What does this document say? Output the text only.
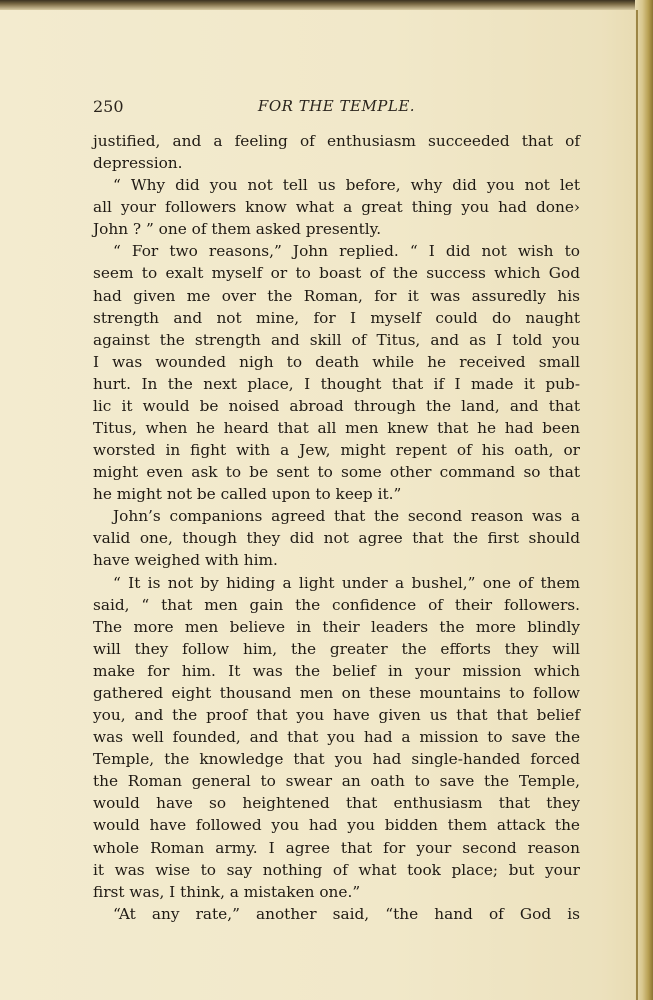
250	FOR THE TEMPLE.
justified, and a feeling of enthusiasm succeeded that of
depression.
“ Why did you not tell us before, why did you not let
all your followers know what a great thing you had done›
John ? ” one of them asked presently.
“ For two reasons,” John replied. “ I did not wish to
seem to exalt myself or to boast of the success which God
had given me over the Roman, for it was assuredly his
strength and not mine, for I myself could do naught
against the strength and skill of Titus, and as I told you
I was wounded nigh to death while he received small
hurt. In the next place, I thought that if I made it pub-
lic it would be noised abroad through the land, and that
Titus, when he heard that all men knew that he had been
worsted in fight with a Jew, might repent of his oath, or
might even ask to be sent to some other command so that
he might not be called upon to keep it.”
John’s companions agreed that the second reason was a
valid one, though they did not agree that the first should
have weighed with him.
“ It is not by hiding a light under a bushel,” one of them
said, “ that men gain the confidence of their followers.
The more men believe in their leaders the more blindly
will they follow him, the greater the efforts they will
make for him. It was the belief in your mission which
gathered eight thousand men on these mountains to follow
you, and the proof that you have given us that that belief
was well founded, and that you had a mission to save the
Temple, the knowledge that you had single-handed forced
the Roman general to swear an oath to save the Temple,
would have so heightened that enthusiasm that they
would have followed you had you bidden them attack the
whole Roman army. I agree that for your second reason
it was wise to say nothing of what took place; but your
first was, I think, a mistaken one.”
“At any rate,” another said, “the hand of God is
